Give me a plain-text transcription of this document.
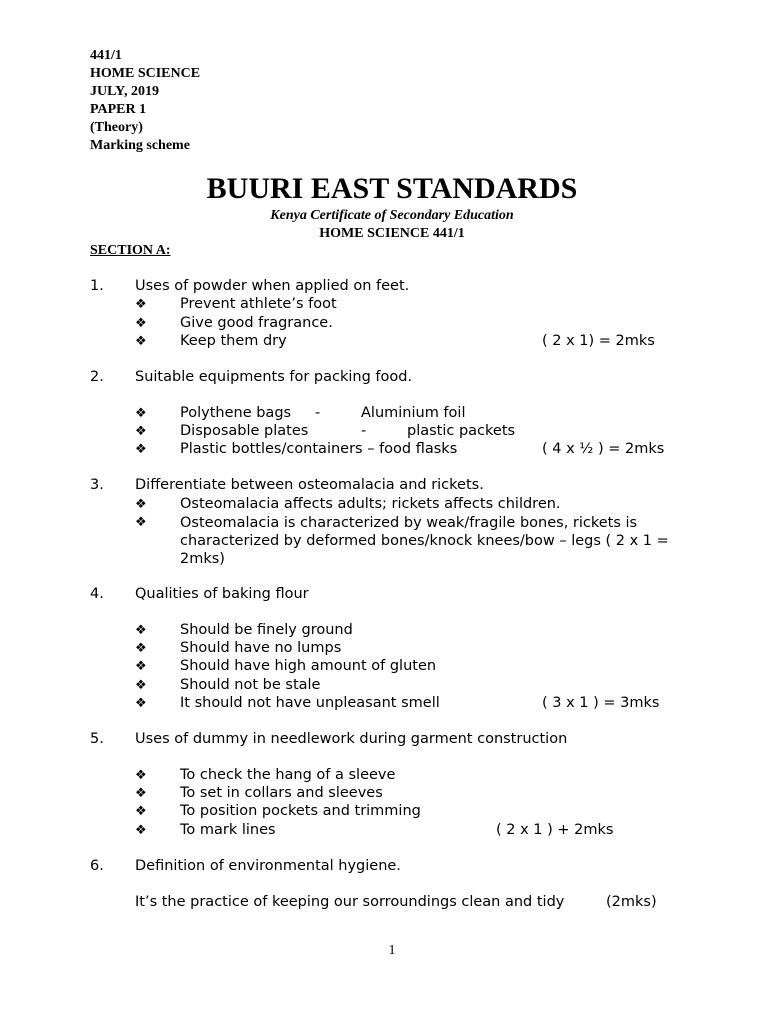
441/1
HOME SCIENCE
JULY, 2019
PAPER 1
(Theory)
Marking scheme
BUURI EAST STANDARDS
Kenya Certificate of Secondary Education
HOME SCIENCE 441/1
SECTION A:
1. Uses of powder when applied on feet.
❖ Prevent athlete’s foot
❖ Give good fragrance.
❖ Keep them dry	( 2 x 1) = 2mks
2. Suitable equipments for packing food.
❖ Polythene bags -	Aluminium foil
❖ Disposable plates	-	plastic packets
❖ Plastic bottles/containers – food flasks	( 4 x ½ ) = 2mks
3. Differentiate between osteomalacia and rickets.
❖ Osteomalacia affects adults; rickets affects children.
❖ Osteomalacia is characterized by weak/fragile bones, rickets is characterized by deformed bones/knock knees/bow – legs ( 2 x 1 = 2mks)
4. Qualities of baking flour
❖ Should be finely ground
❖ Should have no lumps
❖ Should have high amount of gluten
❖ Should not be stale
❖ It should not have unpleasant smell	( 3 x 1 ) = 3mks
5. Uses of dummy in needlework during garment construction
❖ To check the hang of a sleeve
❖ To set in collars and sleeves
❖ To position pockets and trimming
❖ To mark lines	( 2 x 1 ) + 2mks
6. Definition of environmental hygiene.
It’s the practice of keeping our sorroundings clean and tidy	(2mks)
1
